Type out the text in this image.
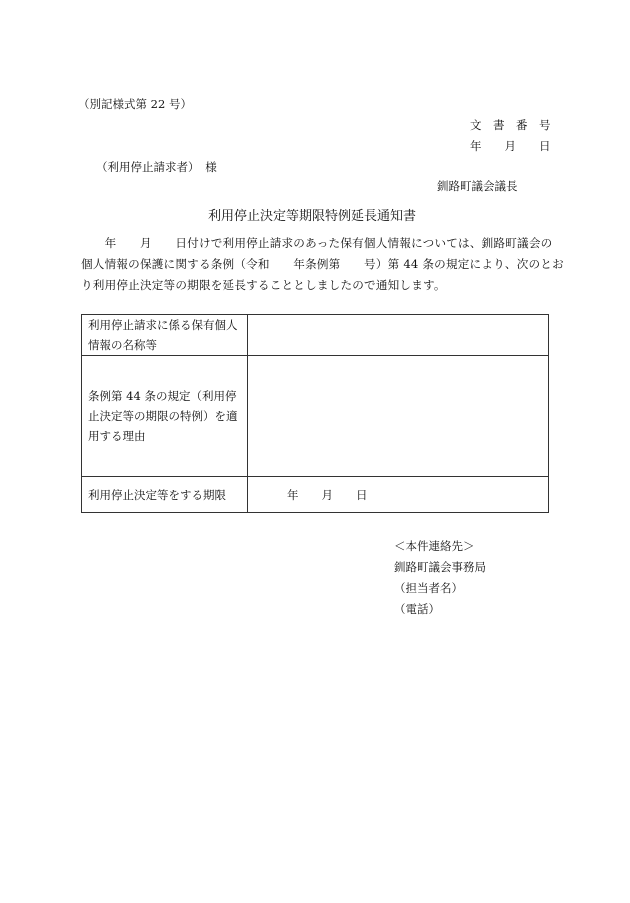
（別記様式第 22 号）
文　書　番　号
年　　月　　日
（利用停止請求者）　様
釧路町議会議長
利用停止決定等期限特例延長通知書
　　年　　月　　日付けで利用停止請求のあった保有個人情報については、釧路町議会の
個人情報の保護に関する条例（令和　　年条例第　　号）第 44 条の規定により、次のとお
り利用停止決定等の期限を延長することとしましたので通知します。
利用停止請求に係る保有個人情報の名称等	
条例第 44 条の規定（利用停止決定等の期限の特例）を適用する理由	
利用停止決定等をする期限	年　　月　　日
＜本件連絡先＞
釧路町議会事務局
（担当者名）
（電話）
